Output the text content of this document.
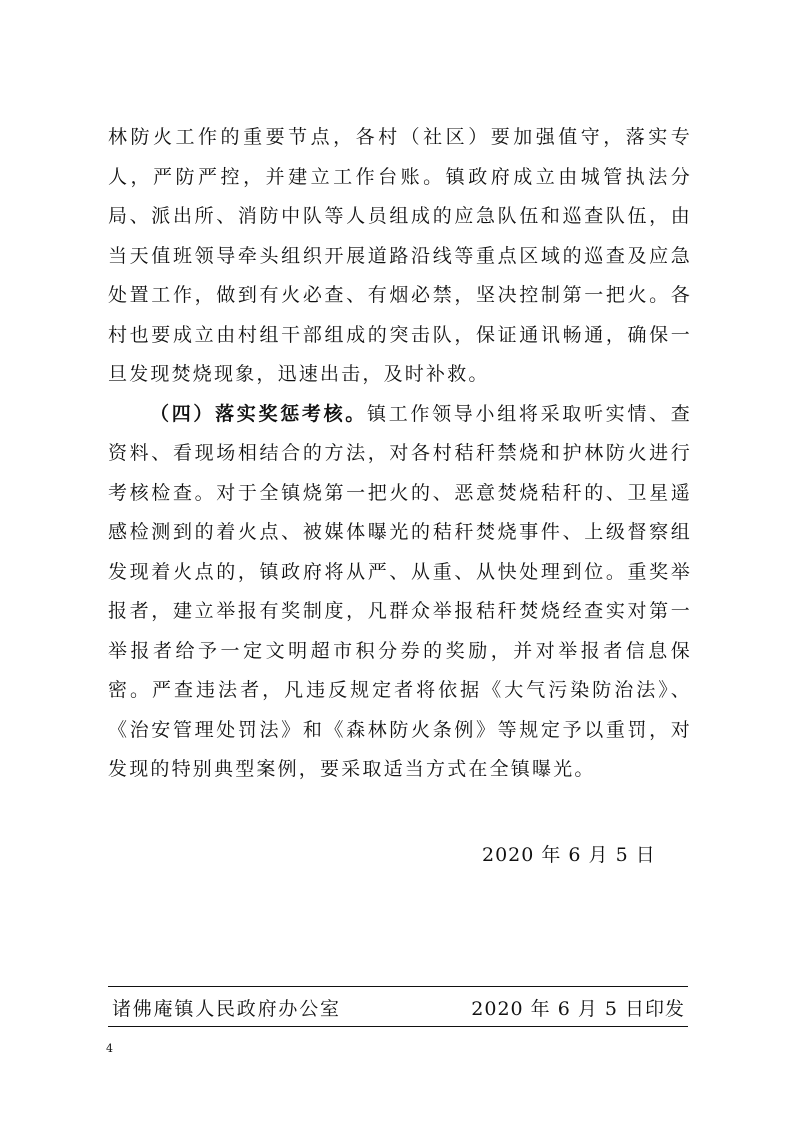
林防火工作的重要节点，各村（社区）要加强值守，落实专人，严防严控，并建立工作台账。镇政府成立由城管执法分局、派出所、消防中队等人员组成的应急队伍和巡查队伍，由当天值班领导牵头组织开展道路沿线等重点区域的巡查及应急处置工作，做到有火必查、有烟必禁，坚决控制第一把火。各村也要成立由村组干部组成的突击队，保证通讯畅通，确保一旦发现焚烧现象，迅速出击，及时补救。

（四）落实奖惩考核。镇工作领导小组将采取听实情、查资料、看现场相结合的方法，对各村秸秆禁烧和护林防火进行考核检查。对于全镇烧第一把火的、恶意焚烧秸秆的、卫星遥感检测到的着火点、被媒体曝光的秸秆焚烧事件、上级督察组发现着火点的，镇政府将从严、从重、从快处理到位。重奖举报者，建立举报有奖制度，凡群众举报秸秆焚烧经查实对第一举报者给予一定文明超市积分券的奖励，并对举报者信息保密。严查违法者，凡违反规定者将依据《大气污染防治法》、《治安管理处罚法》和《森林防火条例》等规定予以重罚，对发现的特别典型案例，要采取适当方式在全镇曝光。

2020 年 6 月 5 日
诸佛庵镇人民政府办公室	2020 年 6 月 5 日印发
4
